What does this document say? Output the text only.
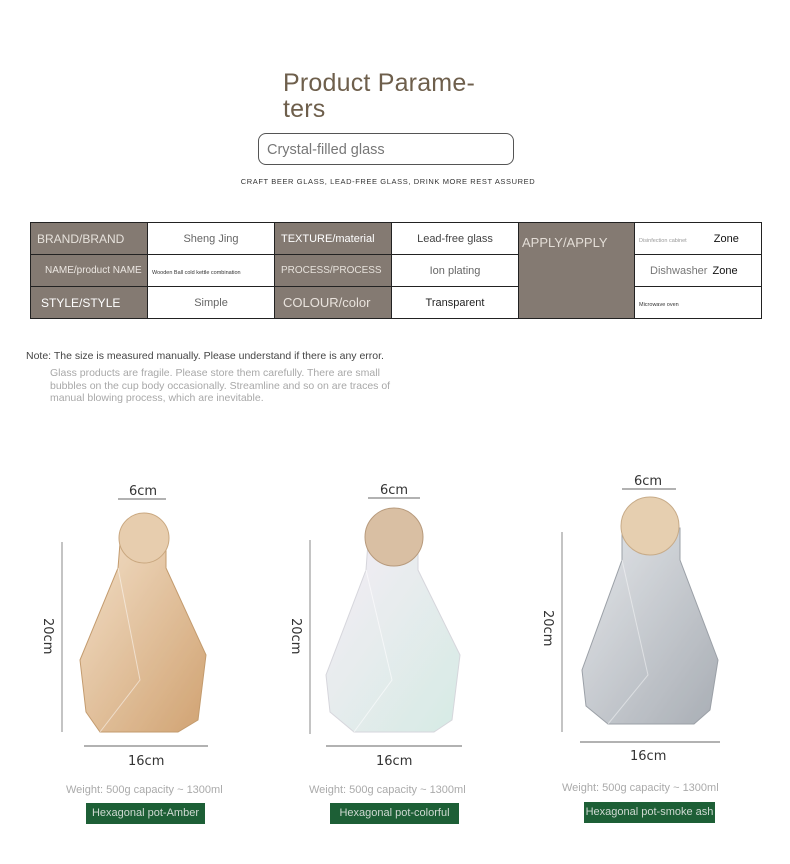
Product Parame-ters
Crystal-filled glass
CRAFT BEER GLASS, LEAD-FREE GLASS, DRINK MORE REST ASSURED
BRAND/BRAND	Sheng Jing	TEXTURE/material	Lead-free glass	APPLY/APPLY	Disinfection cabinet Zone
NAME/product NAME	Wooden Ball cold kettle combination	PROCESS/PROCESS	Ion plating		Dishwasher Zone
STYLE/STYLE	Simple	COLOUR/color	Transparent		Microwave oven
Note: The size is measured manually. Please understand if there is any error.
Glass products are fragile. Please store them carefully. There are small bubbles on the cup body occasionally. Streamline and so on are traces of manual blowing process, which are inevitable.
6cm
20cm
16cm
Weight: 500g capacity ~ 1300ml
Hexagonal pot-Amber
6cm
20cm
16cm
Weight: 500g capacity ~ 1300ml
Hexagonal pot-colorful
6cm
20cm
16cm
Weight: 500g capacity ~ 1300ml
Hexagonal pot-smoke ash
